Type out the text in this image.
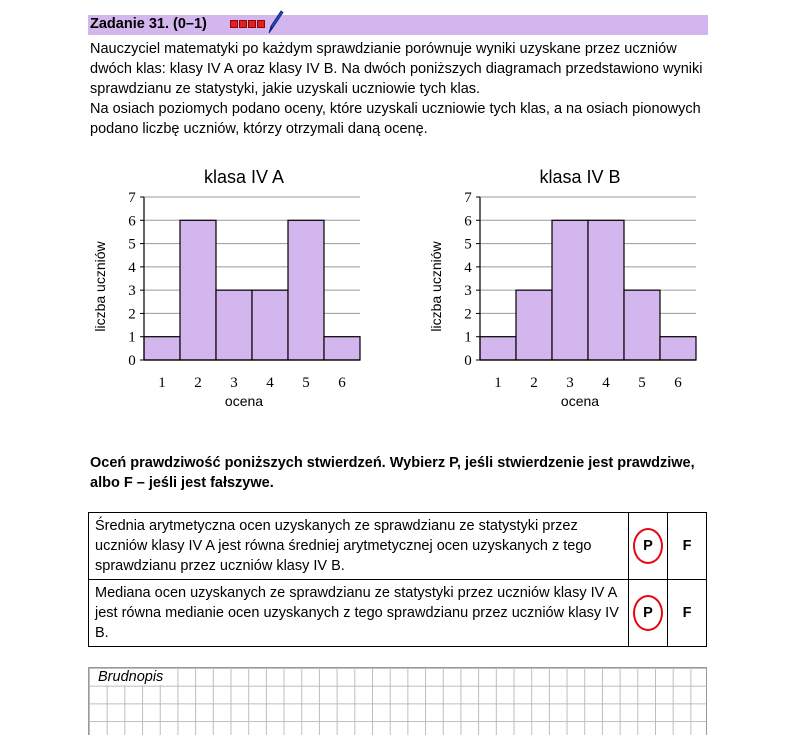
Zadanie 31. (0–1)

Nauczyciel matematyki po każdym sprawdzianie porównuje wyniki uzyskane przez uczniów dwóch klas: klasy IV A oraz klasy IV B. Na dwóch poniższych diagramach przedstawiono wyniki sprawdzianu ze statystyki, jakie uzyskali uczniowie tych klas.

Na osiach poziomych podano oceny, które uzyskali uczniowie tych klas, a na osiach pionowych podano liczbę uczniów, którzy otrzymali daną ocenę.

klasa IV A
0
1
2
3
4
5
6
7
1 2 3 4 5 6
ocena
liczba uczniów
klasa IV B
0
1
2
3
4
5
6
7
1 2 3 4 5 6
ocena
liczba uczniów
Oceń prawdziwość poniższych stwierdzeń. Wybierz P, jeśli stwierdzenie jest prawdziwe, albo F – jeśli jest fałszywe.
Średnia arytmetyczna ocen uzyskanych ze sprawdzianu ze statystyki przez uczniów klasy IV A jest równa średniej arytmetycznej ocen uzyskanych z tego sprawdzianu przez uczniów klasy IV B.	P	F
Mediana ocen uzyskanych ze sprawdzianu ze statystyki przez uczniów klasy IV A jest równa medianie ocen uzyskanych z tego sprawdzianu przez uczniów klasy IV B.	P	F
Brudnopis
